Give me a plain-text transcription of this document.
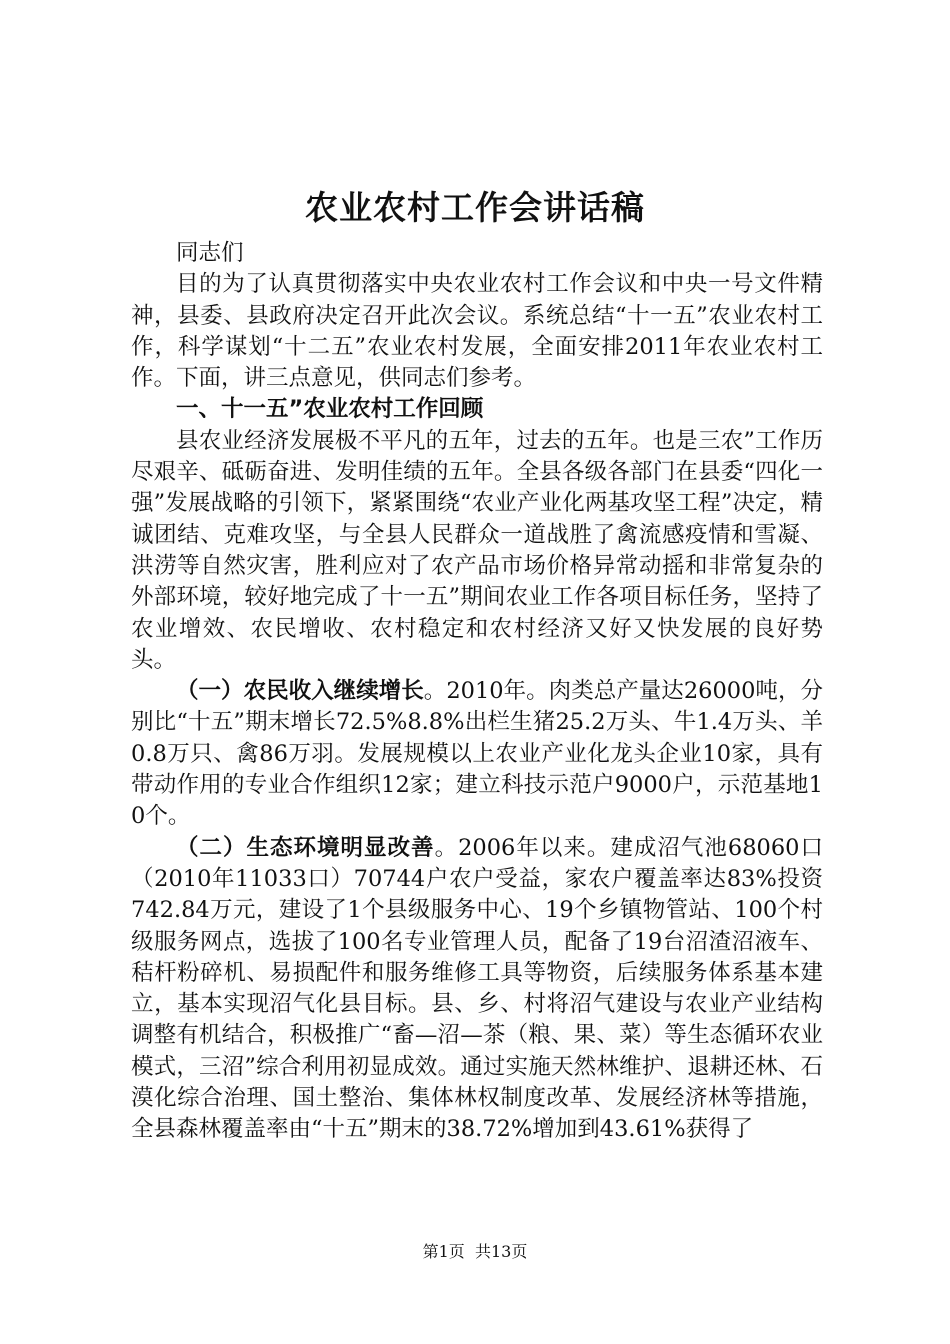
农业农村工作会讲话稿

同志们

目的为了认真贯彻落实中央农业农村工作会议和中央一号文件精神，县委、县政府决定召开此次会议。系统总结“十一五”农业农村工作，科学谋划“十二五”农业农村发展，全面安排2011年农业农村工作。下面，讲三点意见，供同志们参考。

一、十一五”农业农村工作回顾

县农业经济发展极不平凡的五年，过去的五年。也是三农”工作历尽艰辛、砥砺奋进、发明佳绩的五年。全县各级各部门在县委“四化一强”发展战略的引领下，紧紧围绕“农业产业化两基攻坚工程”决定，精诚团结、克难攻坚，与全县人民群众一道战胜了禽流感疫情和雪凝、洪涝等自然灾害，胜利应对了农产品市场价格异常动摇和非常复杂的外部环境，较好地完成了十一五”期间农业工作各项目标任务，坚持了农业增效、农民增收、农村稳定和农村经济又好又快发展的良好势头。

（一）农民收入继续增长。2010年。肉类总产量达26000吨，分别比“十五”期末增长72.5%8.8%出栏生猪25.2万头、牛1.4万头、羊0.8万只、禽86万羽。发展规模以上农业产业化龙头企业10家，具有带动作用的专业合作组织12家；建立科技示范户9000户，示范基地10个。

（二）生态环境明显改善。2006年以来。建成沼气池68060口（2010年11033口）70744户农户受益，家农户覆盖率达83%投资742.84万元，建设了1个县级服务中心、19个乡镇物管站、100个村级服务网点，选拔了100名专业管理人员，配备了19台沼渣沼液车、秸杆粉碎机、易损配件和服务维修工具等物资，后续服务体系基本建立，基本实现沼气化县目标。县、乡、村将沼气建设与农业产业结构调整有机结合，积极推广“畜—沼—茶（粮、果、菜）等生态循环农业模式，三沼”综合利用初显成效。通过实施天然林维护、退耕还林、石漠化综合治理、国土整治、集体林权制度改革、发展经济林等措施，全县森林覆盖率由“十五”期末的38.72%增加到43.61%获得了

第1页 共13页
